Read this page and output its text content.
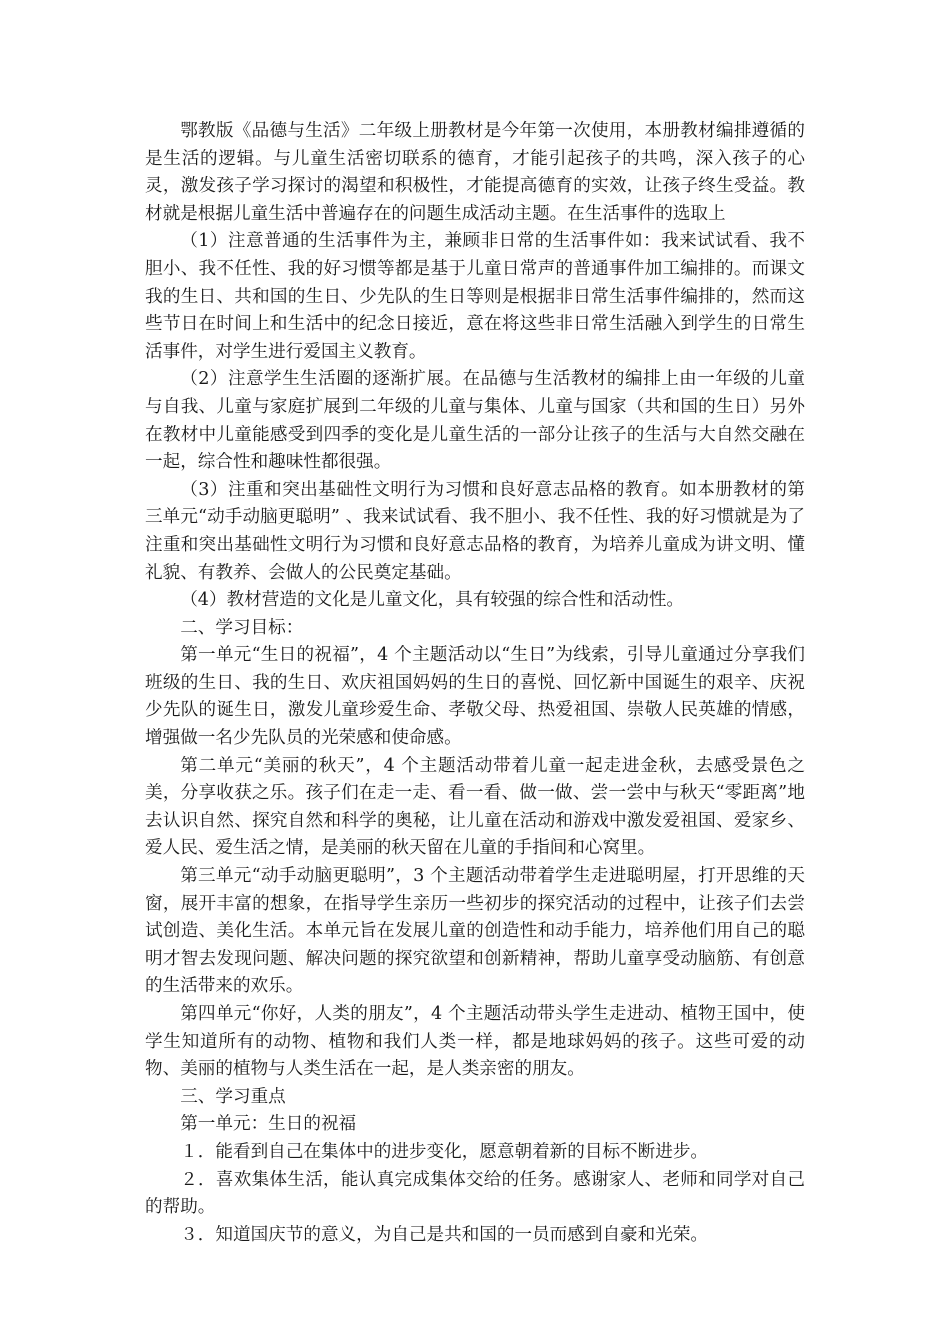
鄂教版《品德与生活》二年级上册教材是今年第一次使用，本册教材编排遵循的是生活的逻辑。与儿童生活密切联系的德育，才能引起孩子的共鸣，深入孩子的心灵，激发孩子学习探讨的渴望和积极性，才能提高德育的实效，让孩子终生受益。教材就是根据儿童生活中普遍存在的问题生成活动主题。在生活事件的选取上

（1）注意普通的生活事件为主，兼顾非日常的生活事件如：我来试试看、我不胆小、我不任性、我的好习惯等都是基于儿童日常声的普通事件加工编排的。而课文我的生日、共和国的生日、少先队的生日等则是根据非日常生活事件编排的，然而这些节日在时间上和生活中的纪念日接近，意在将这些非日常生活融入到学生的日常生活事件，对学生进行爱国主义教育。

（2）注意学生生活圈的逐渐扩展。在品德与生活教材的编排上由一年级的儿童与自我、儿童与家庭扩展到二年级的儿童与集体、儿童与国家（共和国的生日）另外在教材中儿童能感受到四季的变化是儿童生活的一部分让孩子的生活与大自然交融在一起，综合性和趣味性都很强。

（3）注重和突出基础性文明行为习惯和良好意志品格的教育。如本册教材的第三单元“动手动脑更聪明” 、我来试试看、我不胆小、我不任性、我的好习惯就是为了注重和突出基础性文明行为习惯和良好意志品格的教育，为培养儿童成为讲文明、懂礼貌、有教养、会做人的公民奠定基础。

（4）教材营造的文化是儿童文化，具有较强的综合性和活动性。

二、学习目标：

第一单元“生日的祝福”，4 个主题活动以“生日”为线索，引导儿童通过分享我们班级的生日、我的生日、欢庆祖国妈妈的生日的喜悦、回忆新中国诞生的艰辛、庆祝少先队的诞生日，激发儿童珍爱生命、孝敬父母、热爱祖国、崇敬人民英雄的情感，增强做一名少先队员的光荣感和使命感。

第二单元“美丽的秋天”，4 个主题活动带着儿童一起走进金秋，去感受景色之美，分享收获之乐。孩子们在走一走、看一看、做一做、尝一尝中与秋天“零距离”地去认识自然、探究自然和科学的奥秘，让儿童在活动和游戏中激发爱祖国、爱家乡、爱人民、爱生活之情，是美丽的秋天留在儿童的手指间和心窝里。

第三单元“动手动脑更聪明”，3 个主题活动带着学生走进聪明屋，打开思维的天窗，展开丰富的想象，在指导学生亲历一些初步的探究活动的过程中，让孩子们去尝试创造、美化生活。本单元旨在发展儿童的创造性和动手能力，培养他们用自己的聪明才智去发现问题、解决问题的探究欲望和创新精神，帮助儿童享受动脑筋、有创意的生活带来的欢乐。

第四单元“你好，人类的朋友”，4 个主题活动带头学生走进动、植物王国中，使学生知道所有的动物、植物和我们人类一样，都是地球妈妈的孩子。这些可爱的动物、美丽的植物与人类生活在一起，是人类亲密的朋友。

三、学习重点

第一单元：生日的祝福

１．能看到自己在集体中的进步变化，愿意朝着新的目标不断进步。

２．喜欢集体生活，能认真完成集体交给的任务。感谢家人、老师和同学对自己的帮助。

３．知道国庆节的意义，为自己是共和国的一员而感到自豪和光荣。
